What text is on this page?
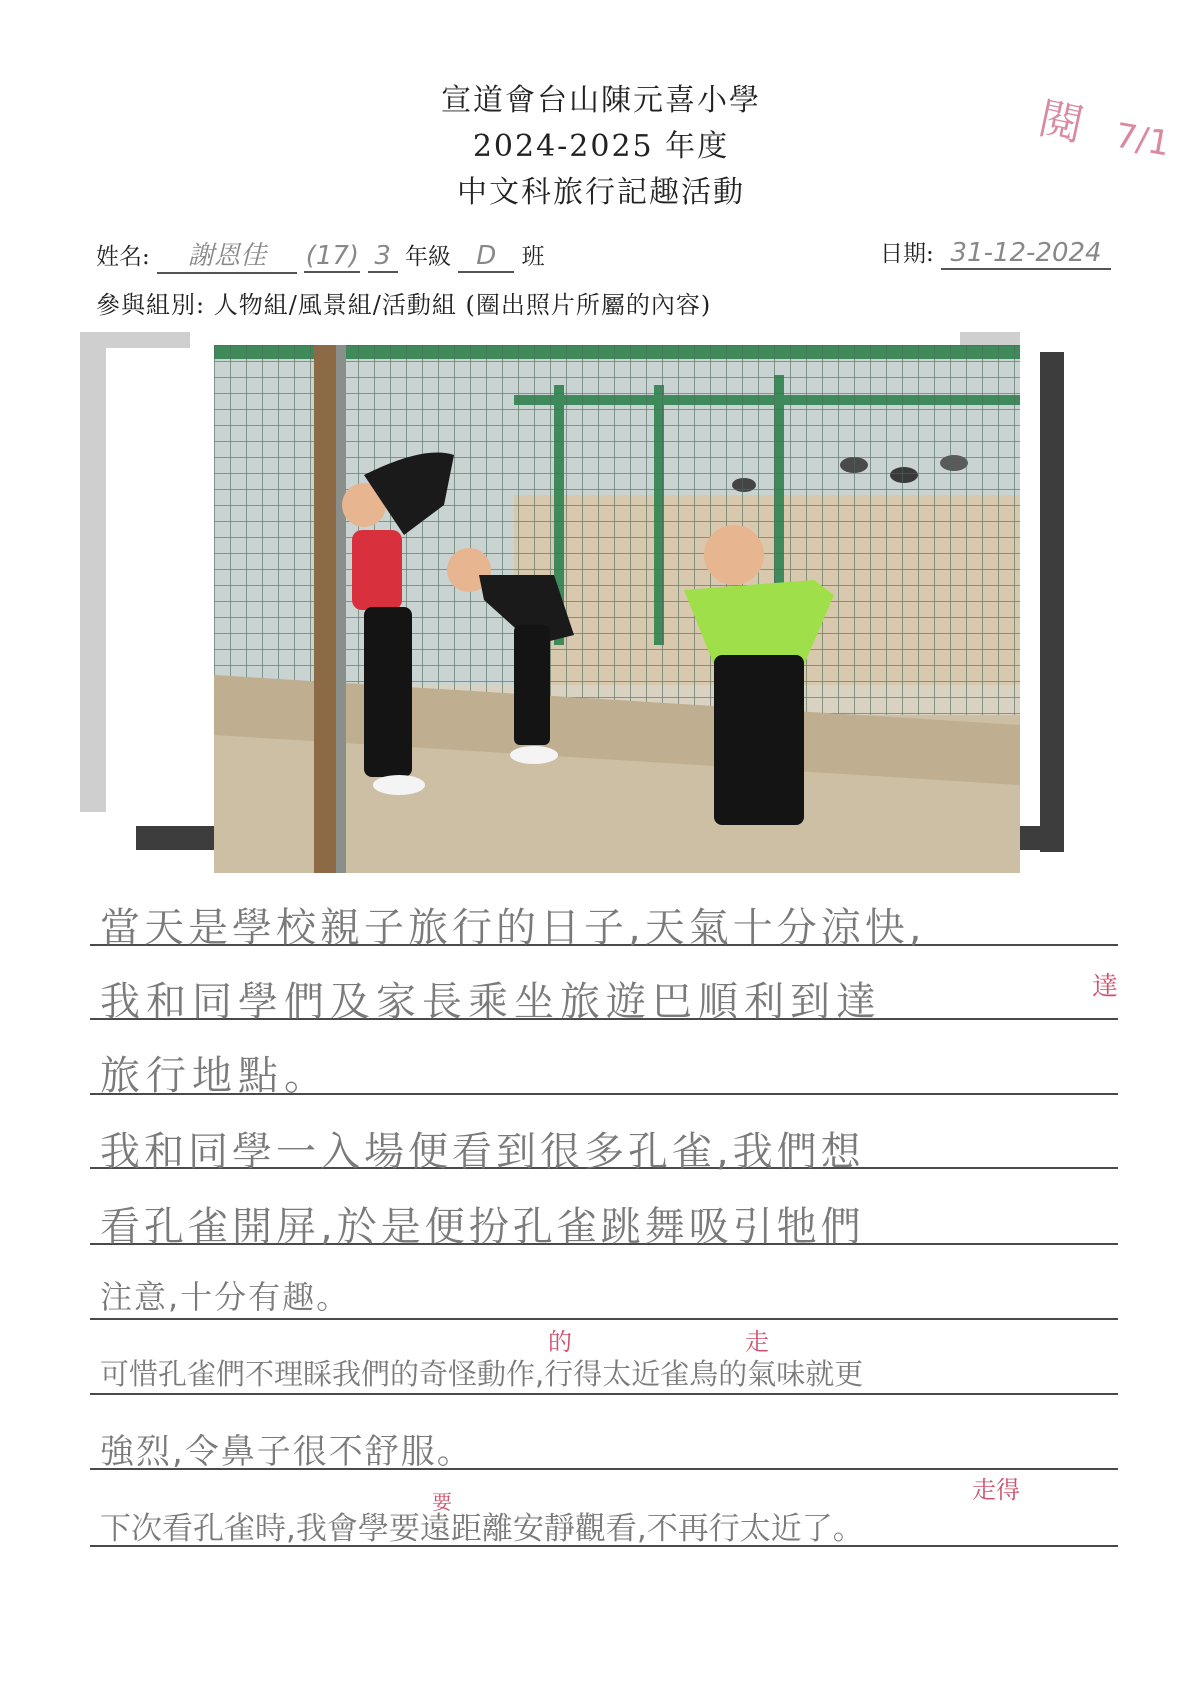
宣道會台山陳元喜小學
2024-2025 年度
中文科旅行記趣活動
閱 7/1
姓名: 謝恩佳 (17) 3 年級 D 班	日期: 31-12-2024
參與組別: 人物組/風景組/活動組 (圈出照片所屬的內容)
當天是學校親子旅行的日子,天氣十分涼快,
我和同學們及家長乘坐旅遊巴順利到達
旅行地點。
我和同學一入場便看到很多孔雀,我們想
看孔雀開屏,於是便扮孔雀跳舞吸引牠們
注意,十分有趣。
可惜孔雀們不理睬我們的奇怪動作,行得太近雀鳥的氣味就更
強烈,令鼻子很不舒服。
下次看孔雀時,我會學要遠距離安靜觀看,不再行太近了。
達
的	走
要	走得
